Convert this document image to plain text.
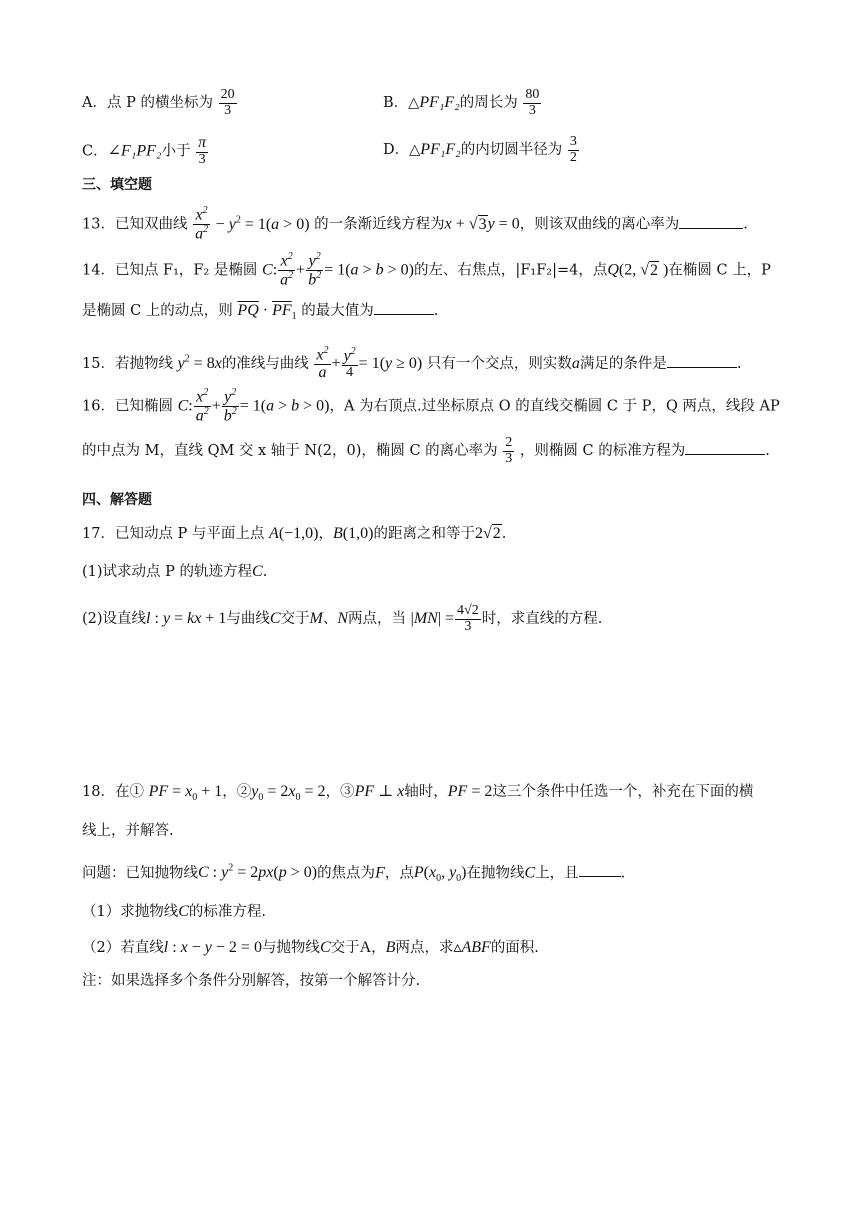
A．点 P 的横坐标为 $\frac{20}{3}$	B．△PF₁F₂的周长为 $\frac{80}{3}$
C．∠F₁PF₂小于 $\frac{\pi}{3}$	D．△PF₁F₂的内切圆半径为 $\frac{3}{2}$
三、填空题
13．已知双曲线 $\frac{x^2}{a^2} - y^2 = 1(a > 0)$ 的一条渐近线方程为x + √3y = 0，则该双曲线的离心率为	.
14．已知点 F₁，F₂ 是椭圆 C: $\frac{x^2}{a^2} + \frac{y^2}{b^2} = 1(a > b > 0)$的左、右焦点，|F₁F₂|=4，点Q(2, √2 )在椭圆 C 上，P
是椭圆 C 上的动点，则 $\overline{PQ} \cdot \overline{PF}_1$ 的最大值为	.
15．若抛物线 $y^2 = 8x$的准线与曲线 $\frac{x^2}{a} + \frac{y^2}{4} = 1(y \ge 0)$ 只有一个交点，则实数a满足的条件是	.
16．已知椭圆 C: $\frac{x^2}{a^2} + \frac{y^2}{b^2} = 1(a > b > 0)$，A 为右顶点.过坐标原点 O 的直线交椭圆 C 于 P，Q 两点，线段 AP
的中点为 M，直线 QM 交 x 轴于 N(2，0)，椭圆 C 的离心率为 $\frac{2}{3}$ ，则椭圆 C 的标准方程为	.
四、解答题
17．已知动点 P 与平面上点 A(−1,0)，B(1,0)的距离之和等于2√2.
(1)试求动点 P 的轨迹方程C.
(2)设直线l : y = kx + 1与曲线C交于M、N两点，当 $|MN| = \frac{4√2}{3}$ 时，求直线的方程.
18．在① PF = $x_0 + 1$，$②y_0 = 2x_0 = 2$，③PF ⊥ x轴时，PF = 2这三个条件中任选一个，补充在下面的横
线上，并解答.
问题：已知抛物线C : $y^2 = 2px(p > 0)$的焦点为F，点$P(x_0$, $y_0$)在抛物线C上，且	.
（1）求抛物线C的标准方程.
（2）若直线l : x − y − 2 = 0与抛物线C交于A，B两点，求▵ABF的面积.
注：如果选择多个条件分别解答，按第一个解答计分.
